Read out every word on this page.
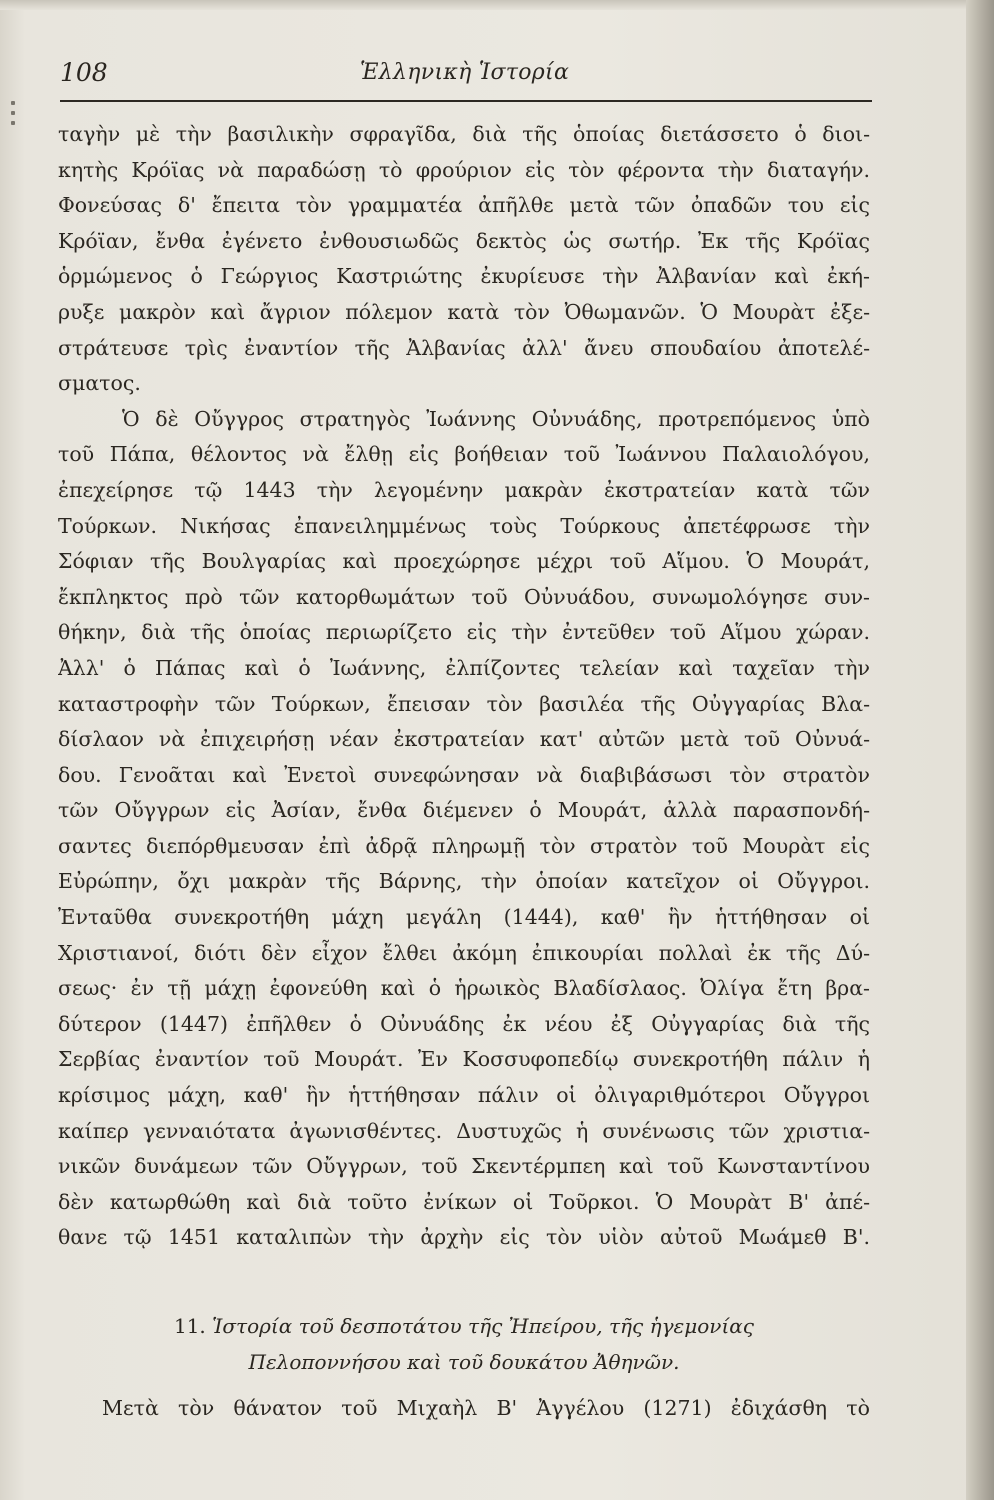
108	Ἑλληνικὴ Ἱστορία
ταγὴν μὲ τὴν βασιλικὴν σφραγῖδα, διὰ τῆς ὁποίας διετάσσετο ὁ διοι-
κητὴς Κρόϊας νὰ παραδώσῃ τὸ φρούριον εἰς τὸν φέροντα τὴν διαταγήν.
Φονεύσας δ' ἔπειτα τὸν γραμματέα ἀπῆλθε μετὰ τῶν ὀπαδῶν του εἰς
Κρόϊαν, ἔνθα ἐγένετο ἐνθουσιωδῶς δεκτὸς ὡς σωτήρ. Ἐκ τῆς Κρόϊας
ὁρμώμενος ὁ Γεώργιος Καστριώτης ἐκυρίευσε τὴν Ἀλβανίαν καὶ ἐκή-
ρυξε μακρὸν καὶ ἄγριον πόλεμον κατὰ τὸν Ὀθωμανῶν. Ὁ Μουρὰτ ἐξε-
στράτευσε τρὶς ἐναντίον τῆς Ἀλβανίας ἀλλ' ἄνευ σπουδαίου ἀποτελέ-
σματος.
Ὁ δὲ Οὔγγρος στρατηγὸς Ἰωάννης Οὐνυάδης, προτρεπόμενος ὑπὸ
τοῦ Πάπα, θέλοντος νὰ ἔλθῃ εἰς βοήθειαν τοῦ Ἰωάννου Παλαιολόγου,
ἐπεχείρησε τῷ 1443 τὴν λεγομένην μακρὰν ἐκστρατείαν κατὰ τῶν
Τούρκων. Νικήσας ἐπανειλημμένως τοὺς Τούρκους ἀπετέφρωσε τὴν
Σόφιαν τῆς Βουλγαρίας καὶ προεχώρησε μέχρι τοῦ Αἵμου. Ὁ Μουράτ,
ἔκπληκτος πρὸ τῶν κατορθωμάτων τοῦ Οὐνυάδου, συνωμολόγησε συν-
θήκην, διὰ τῆς ὁποίας περιωρίζετο εἰς τὴν ἐντεῦθεν τοῦ Αἵμου χώραν.
Ἀλλ' ὁ Πάπας καὶ ὁ Ἰωάννης, ἐλπίζοντες τελείαν καὶ ταχεῖαν τὴν
καταστροφὴν τῶν Τούρκων, ἔπεισαν τὸν βασιλέα τῆς Οὐγγαρίας Βλα-
δίσλαον νὰ ἐπιχειρήσῃ νέαν ἐκστρατείαν κατ' αὐτῶν μετὰ τοῦ Οὐνυά-
δου. Γενοᾶται καὶ Ἐνετοὶ συνεφώνησαν νὰ διαβιβάσωσι τὸν στρατὸν
τῶν Οὔγγρων εἰς Ἀσίαν, ἔνθα διέμενεν ὁ Μουράτ, ἀλλὰ παρασπονδή-
σαντες διεπόρθμευσαν ἐπὶ ἀδρᾷ πληρωμῇ τὸν στρατὸν τοῦ Μουρὰτ εἰς
Εὐρώπην, ὄχι μακρὰν τῆς Βάρνης, τὴν ὁποίαν κατεῖχον οἱ Οὔγγροι.
Ἐνταῦθα συνεκροτήθη μάχη μεγάλη (1444), καθ' ἣν ἡττήθησαν οἱ
Χριστιανοί, διότι δὲν εἶχον ἔλθει ἀκόμη ἐπικουρίαι πολλαὶ ἐκ τῆς Δύ-
σεως· ἐν τῇ μάχῃ ἐφονεύθη καὶ ὁ ἡρωικὸς Βλαδίσλαος. Ὀλίγα ἔτη βρα-
δύτερον (1447) ἐπῆλθεν ὁ Οὐνυάδης ἐκ νέου ἐξ Οὐγγαρίας διὰ τῆς
Σερβίας ἐναντίον τοῦ Μουράτ. Ἐν Κοσσυφοπεδίῳ συνεκροτήθη πάλιν ἡ
κρίσιμος μάχη, καθ' ἣν ἡττήθησαν πάλιν οἱ ὀλιγαριθμότεροι Οὔγγροι
καίπερ γενναιότατα ἀγωνισθέντες. Δυστυχῶς ἡ συνένωσις τῶν χριστια-
νικῶν δυνάμεων τῶν Οὔγγρων, τοῦ Σκεντέρμπεη καὶ τοῦ Κωνσταντίνου
δὲν κατωρθώθη καὶ διὰ τοῦτο ἐνίκων οἱ Τοῦρκοι. Ὁ Μουρὰτ Β' ἀπέ-
θανε τῷ 1451 καταλιπὼν τὴν ἀρχὴν εἰς τὸν υἱὸν αὐτοῦ Μωάμεθ Β'.
11. Ἱστορία τοῦ δεσποτάτου τῆς Ἠπείρου, τῆς ἡγεμονίας
Πελοποννήσου καὶ τοῦ δουκάτου Ἀθηνῶν.
Μετὰ τὸν θάνατον τοῦ Μιχαὴλ Β' Ἀγγέλου (1271) ἐδιχάσθη τὸ
